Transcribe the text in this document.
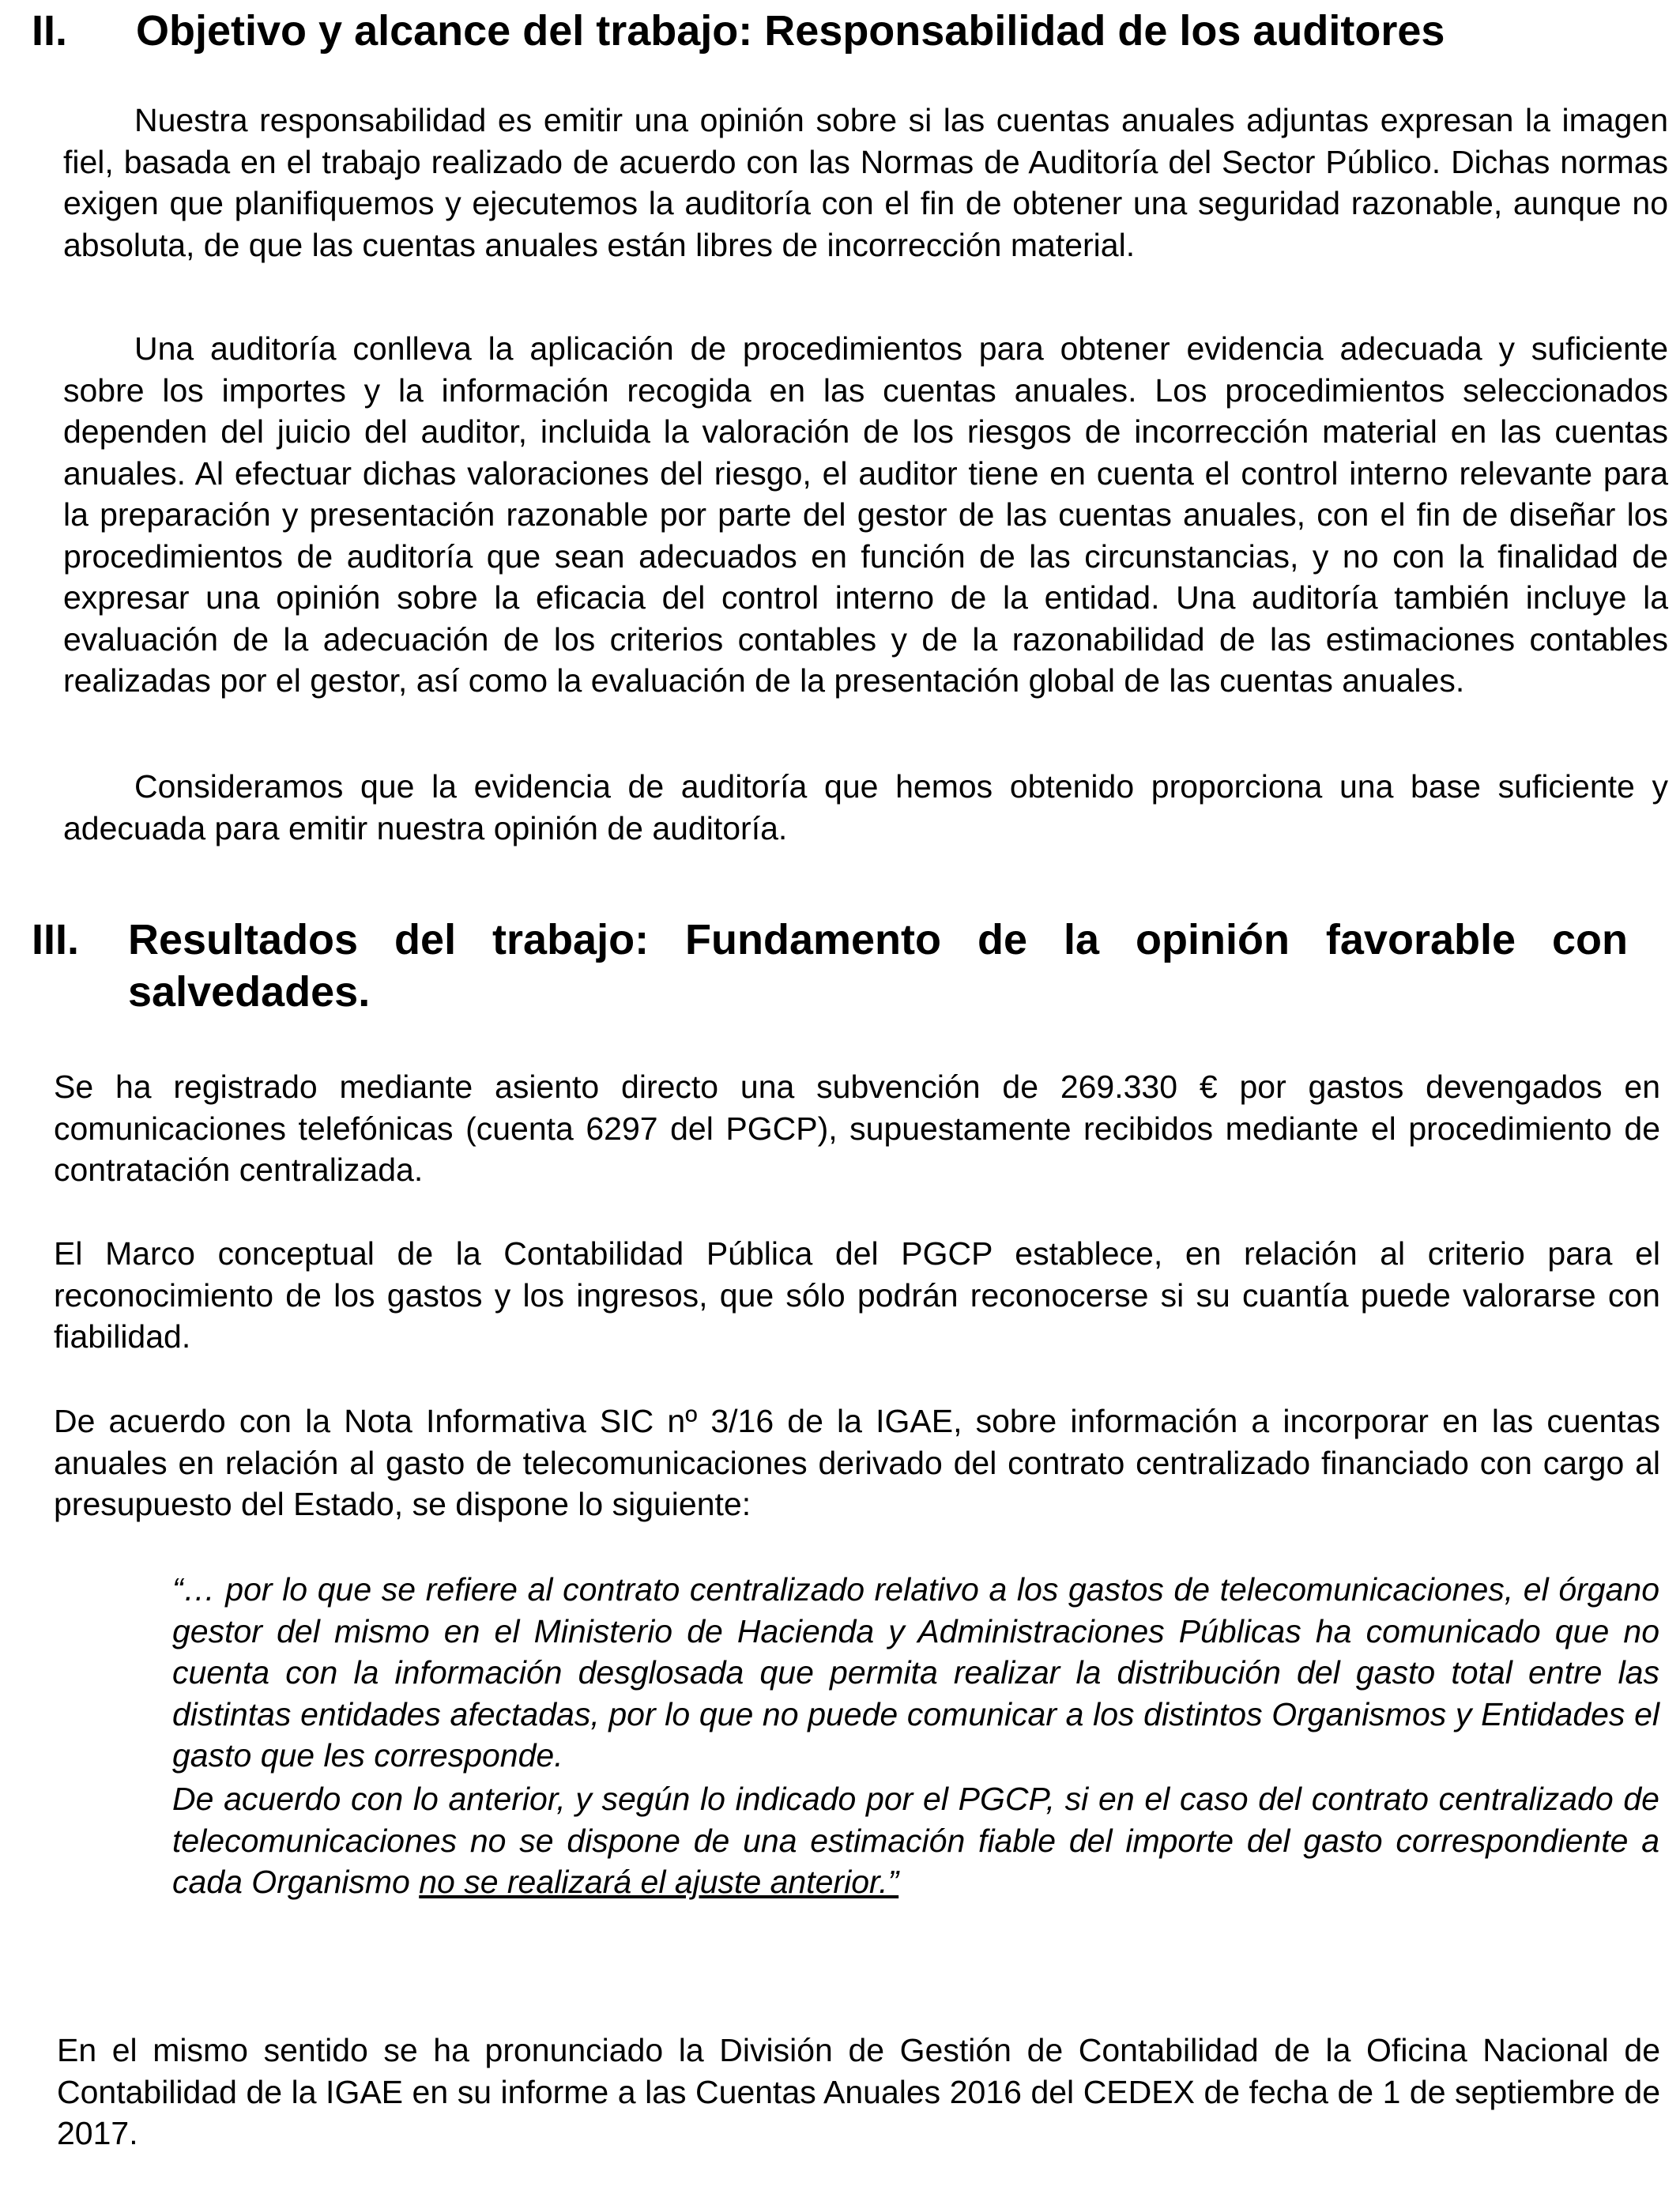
II. Objetivo y alcance del trabajo: Responsabilidad de los auditores

Nuestra responsabilidad es emitir una opinión sobre si las cuentas anuales adjuntas expresan la imagen fiel, basada en el trabajo realizado de acuerdo con las Normas de Auditoría del Sector Público. Dichas normas exigen que planifiquemos y ejecutemos la auditoría con el fin de obtener una seguridad razonable, aunque no absoluta, de que las cuentas anuales están libres de incorrección material.

Una auditoría conlleva la aplicación de procedimientos para obtener evidencia adecuada y suficiente sobre los importes y la información recogida en las cuentas anuales. Los procedimientos seleccionados dependen del juicio del auditor, incluida la valoración de los riesgos de incorrección material en las cuentas anuales. Al efectuar dichas valoraciones del riesgo, el auditor tiene en cuenta el control interno relevante para la preparación y presentación razonable por parte del gestor de las cuentas anuales, con el fin de diseñar los procedimientos de auditoría que sean adecuados en función de las circunstancias, y no con la finalidad de expresar una opinión sobre la eficacia del control interno de la entidad. Una auditoría también incluye la evaluación de la adecuación de los criterios contables y de la razonabilidad de las estimaciones contables realizadas por el gestor, así como la evaluación de la presentación global de las cuentas anuales.

Consideramos que la evidencia de auditoría que hemos obtenido proporciona una base suficiente y adecuada para emitir nuestra opinión de auditoría.

III. Resultados del trabajo: Fundamento de la opinión favorable con salvedades.

Se ha registrado mediante asiento directo una subvención de 269.330 € por gastos devengados en comunicaciones telefónicas (cuenta 6297 del PGCP), supuestamente recibidos mediante el procedimiento de contratación centralizada.

El Marco conceptual de la Contabilidad Pública del PGCP establece, en relación al criterio para el reconocimiento de los gastos y los ingresos, que sólo podrán reconocerse si su cuantía puede valorarse con fiabilidad.

De acuerdo con la Nota Informativa SIC nº 3/16 de la IGAE, sobre información a incorporar en las cuentas anuales en relación al gasto de telecomunicaciones derivado del contrato centralizado financiado con cargo al presupuesto del Estado, se dispone lo siguiente:

“… por lo que se refiere al contrato centralizado relativo a los gastos de telecomunicaciones, el órgano gestor del mismo en el Ministerio de Hacienda y Administraciones Públicas ha comunicado que no cuenta con la información desglosada que permita realizar la distribución del gasto total entre las distintas entidades afectadas, por lo que no puede comunicar a los distintos Organismos y Entidades el gasto que les corresponde.

De acuerdo con lo anterior, y según lo indicado por el PGCP, si en el caso del contrato centralizado de telecomunicaciones no se dispone de una estimación fiable del importe del gasto correspondiente a cada Organismo no se realizará el ajuste anterior.”

En el mismo sentido se ha pronunciado la División de Gestión de Contabilidad de la Oficina Nacional de Contabilidad de la IGAE en su informe a las Cuentas Anuales 2016 del CEDEX de fecha de 1 de septiembre de 2017.
